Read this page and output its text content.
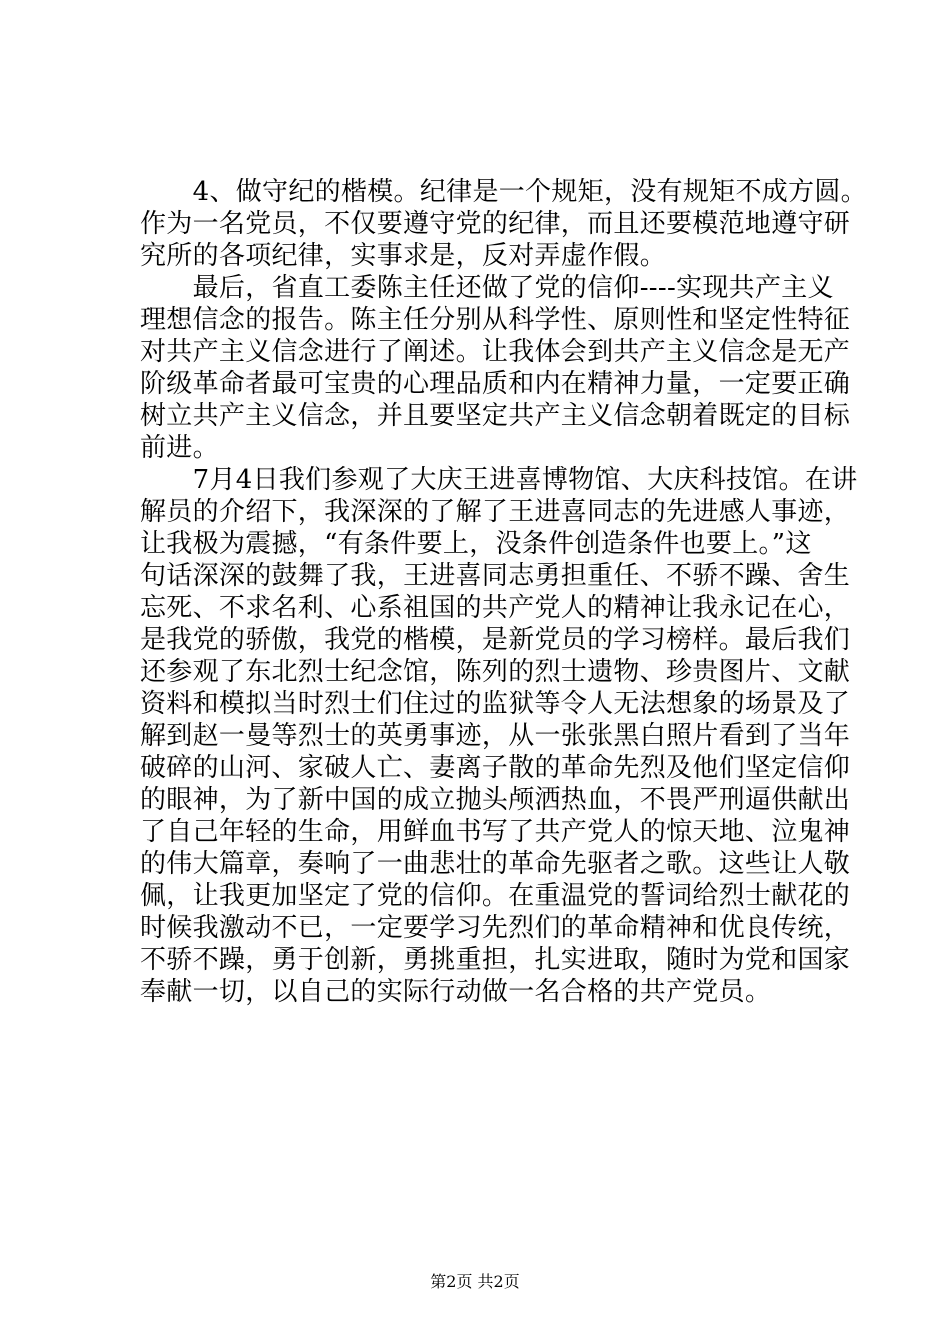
　　4、做守纪的楷模。纪律是一个规矩，没有规矩不成方圆。
作为一名党员，不仅要遵守党的纪律，而且还要模范地遵守研
究所的各项纪律，实事求是，反对弄虚作假。
　　最后，省直工委陈主任还做了党的信仰----实现共产主义
理想信念的报告。陈主任分别从科学性、原则性和坚定性特征
对共产主义信念进行了阐述。让我体会到共产主义信念是无产
阶级革命者最可宝贵的心理品质和内在精神力量，一定要正确
树立共产主义信念，并且要坚定共产主义信念朝着既定的目标
前进。
　　7月4日我们参观了大庆王进喜博物馆、大庆科技馆。在讲
解员的介绍下，我深深的了解了王进喜同志的先进感人事迹，
让我极为震撼，“有条件要上，没条件创造条件也要上。”这
句话深深的鼓舞了我，王进喜同志勇担重任、不骄不躁、舍生
忘死、不求名利、心系祖国的共产党人的精神让我永记在心，
是我党的骄傲，我党的楷模，是新党员的学习榜样。最后我们
还参观了东北烈士纪念馆，陈列的烈士遗物、珍贵图片、文献
资料和模拟当时烈士们住过的监狱等令人无法想象的场景及了
解到赵一曼等烈士的英勇事迹，从一张张黑白照片看到了当年
破碎的山河、家破人亡、妻离子散的革命先烈及他们坚定信仰
的眼神，为了新中国的成立抛头颅洒热血，不畏严刑逼供献出
了自己年轻的生命，用鲜血书写了共产党人的惊天地、泣鬼神
的伟大篇章，奏响了一曲悲壮的革命先驱者之歌。这些让人敬
佩，让我更加坚定了党的信仰。在重温党的誓词给烈士献花的
时候我激动不已，一定要学习先烈们的革命精神和优良传统，
不骄不躁，勇于创新，勇挑重担，扎实进取，随时为党和国家
奉献一切，以自己的实际行动做一名合格的共产党员。
第2页 共2页
